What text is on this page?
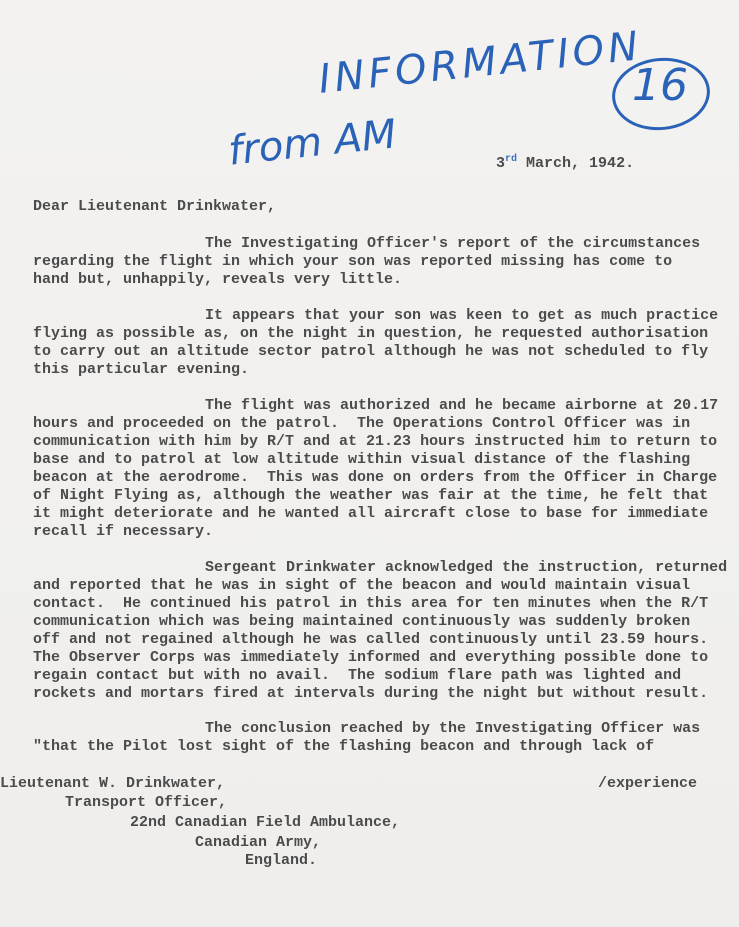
INFORMATION
16
from AM	3rd March, 1942.

Dear Lieutenant Drinkwater,
The Investigating Officer's report of the circumstances
regarding the flight in which your son was reported missing has come to
hand but, unhappily, reveals very little.
It appears that your son was keen to get as much practice
flying as possible as, on the night in question, he requested authorisation
to carry out an altitude sector patrol although he was not scheduled to fly
this particular evening.
The flight was authorized and he became airborne at 20.17
hours and proceeded on the patrol.  The Operations Control Officer was in
communication with him by R/T and at 21.23 hours instructed him to return to
base and to patrol at low altitude within visual distance of the flashing
beacon at the aerodrome.  This was done on orders from the Officer in Charge
of Night Flying as, although the weather was fair at the time, he felt that
it might deteriorate and he wanted all aircraft close to base for immediate
recall if necessary.
Sergeant Drinkwater acknowledged the instruction, returned
and reported that he was in sight of the beacon and would maintain visual
contact.  He continued his patrol in this area for ten minutes when the R/T
communication which was being maintained continuously was suddenly broken
off and not regained although he was called continuously until 23.59 hours.
The Observer Corps was immediately informed and everything possible done to
regain contact but with no avail.  The sodium flare path was lighted and
rockets and mortars fired at intervals during the night but without result.
The conclusion reached by the Investigating Officer was
"that the Pilot lost sight of the flashing beacon and through lack of
/experience
Lieutenant W. Drinkwater,
Transport Officer,
22nd Canadian Field Ambulance,
Canadian Army,
England.
